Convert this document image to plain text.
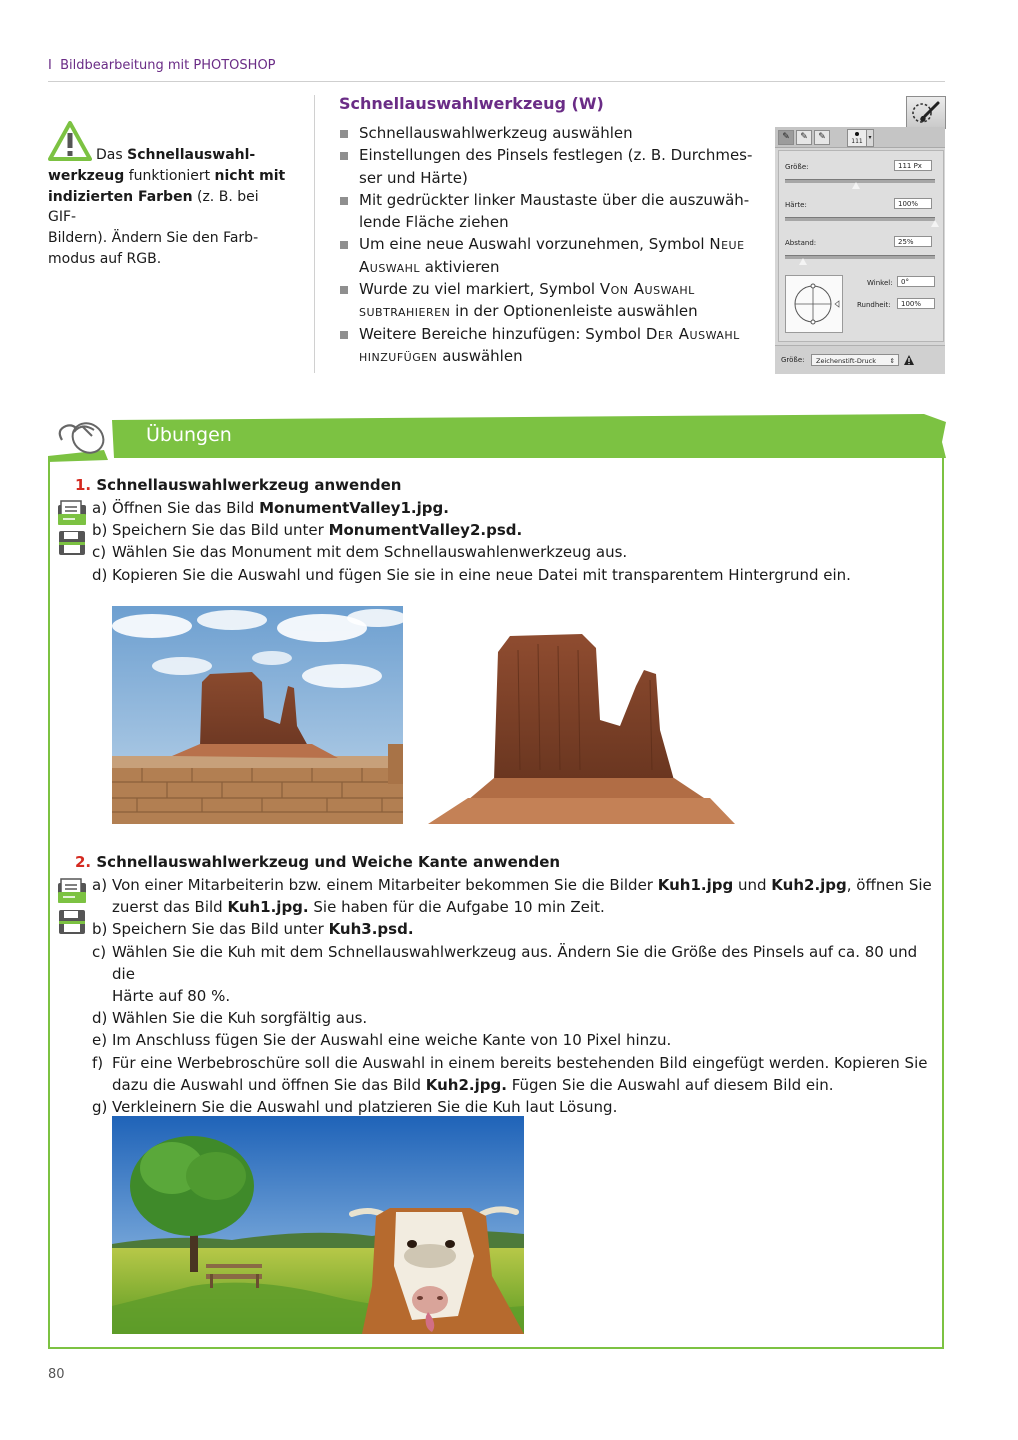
I Bildbearbeitung mit PHOTOSHOP
Das Schnellauswahl-
werkzeug funktioniert nicht mit
indizierten Farben (z. B. bei GIF-
Bildern). Ändern Sie den Farb-
modus auf RGB.
Schnellauswahlwerkzeug (W)
Schnellauswahlwerkzeug auswählen
Einstellungen des Pinsels festlegen (z. B. Durchmes-
ser und Härte)
Mit gedrückter linker Maustaste über die auszuwäh-
lende Fläche ziehen
Um eine neue Auswahl vorzunehmen, Symbol Neue Auswahl aktivieren
Wurde zu viel markiert, Symbol Von Auswahl subtrahieren in der Optionenleiste auswählen
Weitere Bereiche hinzufügen: Symbol Der Auswahl hinzufügen auswählen
✎	✎	✎	111
▾
Größe:	111 Px
Härte:	100%
Abstand:	25%
Winkel:	0°
Rundheit:	100%
Größe:	Zeichenstift-Druck ⇕
Übungen
1. Schnellauswahlwerkzeug anwenden
a) Öffnen Sie das Bild MonumentValley1.jpg.
b) Speichern Sie das Bild unter MonumentValley2.psd.
c) Wählen Sie das Monument mit dem Schnellauswahlenwerkzeug aus.
d) Kopieren Sie die Auswahl und fügen Sie sie in eine neue Datei mit transparentem Hintergrund ein.
2. Schnellauswahlwerkzeug und Weiche Kante anwenden
a) Von einer Mitarbeiterin bzw. einem Mitarbeiter bekommen Sie die Bilder Kuh1.jpg und Kuh2.jpg, öffnen Sie
zuerst das Bild Kuh1.jpg. Sie haben für die Aufgabe 10 min Zeit.
b) Speichern Sie das Bild unter Kuh3.psd.
c) Wählen Sie die Kuh mit dem Schnellauswahlwerkzeug aus. Ändern Sie die Größe des Pinsels auf ca. 80 und die
Härte auf 80 %.
d) Wählen Sie die Kuh sorgfältig aus.
e) Im Anschluss fügen Sie der Auswahl eine weiche Kante von 10 Pixel hinzu.
f) Für eine Werbebroschüre soll die Auswahl in einem bereits bestehenden Bild eingefügt werden. Kopieren Sie
dazu die Auswahl und öffnen Sie das Bild Kuh2.jpg. Fügen Sie die Auswahl auf diesem Bild ein.
g) Verkleinern Sie die Auswahl und platzieren Sie die Kuh laut Lösung.
80
